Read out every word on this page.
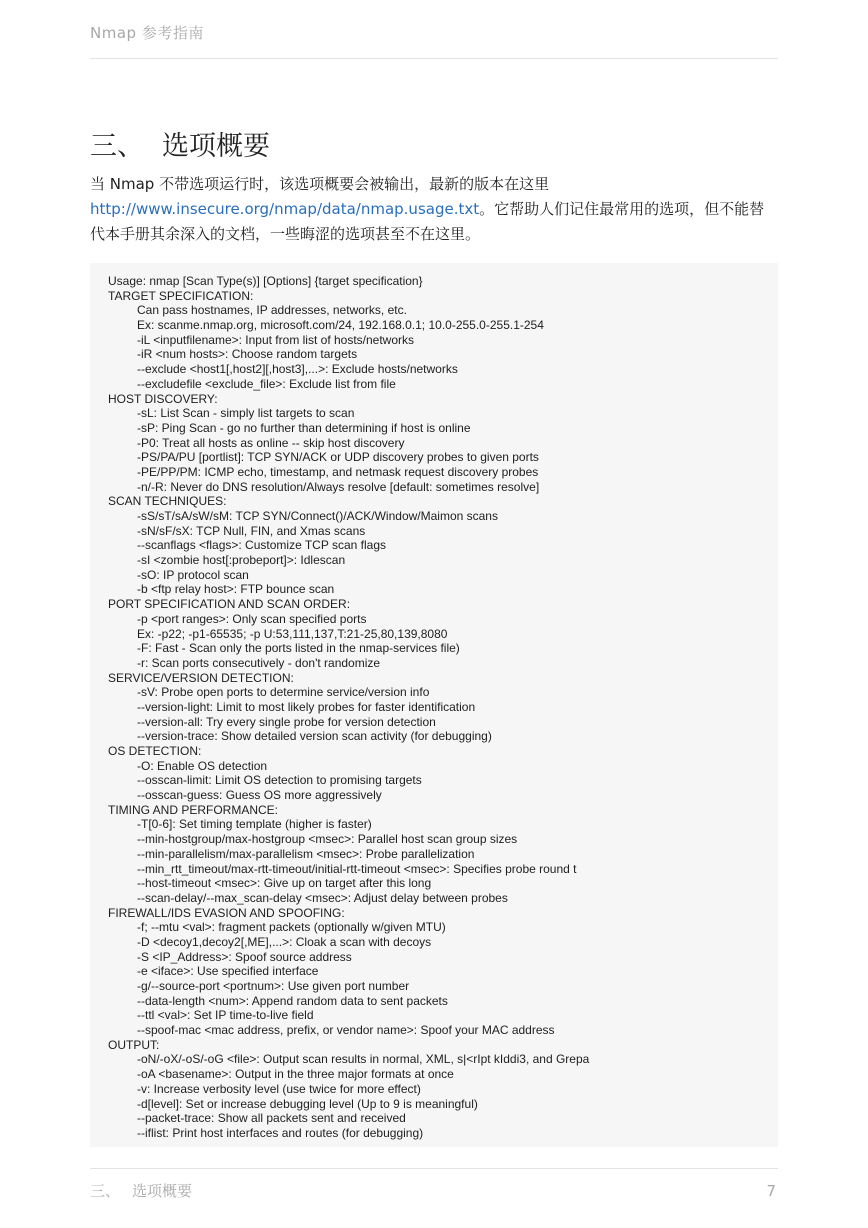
Nmap 参考指南
三、 选项概要

当 Nmap 不带选项运行时，该选项概要会被输出，最新的版本在这里 http://www.insecure.org/nmap/data/nmap.usage.txt。它帮助人们记住最常用的选项，但不能替代本手册其余深入的文档，一些晦涩的选项甚至不在这里。

Usage: nmap [Scan Type(s)] [Options] {target specification}
TARGET SPECIFICATION:
Can pass hostnames, IP addresses, networks, etc.
Ex: scanme.nmap.org, microsoft.com/24, 192.168.0.1; 10.0-255.0-255.1-254
-iL <inputfilename>: Input from list of hosts/networks
-iR <num hosts>: Choose random targets
--exclude <host1[,host2][,host3],...>: Exclude hosts/networks
--excludefile <exclude_file>: Exclude list from file
HOST DISCOVERY:
-sL: List Scan - simply list targets to scan
-sP: Ping Scan - go no further than determining if host is online
-P0: Treat all hosts as online -- skip host discovery
-PS/PA/PU [portlist]: TCP SYN/ACK or UDP discovery probes to given ports
-PE/PP/PM: ICMP echo, timestamp, and netmask request discovery probes
-n/-R: Never do DNS resolution/Always resolve [default: sometimes resolve]
SCAN TECHNIQUES:
-sS/sT/sA/sW/sM: TCP SYN/Connect()/ACK/Window/Maimon scans
-sN/sF/sX: TCP Null, FIN, and Xmas scans
--scanflags <flags>: Customize TCP scan flags
-sI <zombie host[:probeport]>: Idlescan
-sO: IP protocol scan
-b <ftp relay host>: FTP bounce scan
PORT SPECIFICATION AND SCAN ORDER:
-p <port ranges>: Only scan specified ports
Ex: -p22; -p1-65535; -p U:53,111,137,T:21-25,80,139,8080
-F: Fast - Scan only the ports listed in the nmap-services file)
-r: Scan ports consecutively - don't randomize
SERVICE/VERSION DETECTION:
-sV: Probe open ports to determine service/version info
--version-light: Limit to most likely probes for faster identification
--version-all: Try every single probe for version detection
--version-trace: Show detailed version scan activity (for debugging)
OS DETECTION:
-O: Enable OS detection
--osscan-limit: Limit OS detection to promising targets
--osscan-guess: Guess OS more aggressively
TIMING AND PERFORMANCE:
-T[0-6]: Set timing template (higher is faster)
--min-hostgroup/max-hostgroup <msec>: Parallel host scan group sizes
--min-parallelism/max-parallelism <msec>: Probe parallelization
--min_rtt_timeout/max-rtt-timeout/initial-rtt-timeout <msec>: Specifies probe round t
--host-timeout <msec>: Give up on target after this long
--scan-delay/--max_scan-delay <msec>: Adjust delay between probes
FIREWALL/IDS EVASION AND SPOOFING:
-f; --mtu <val>: fragment packets (optionally w/given MTU)
-D <decoy1,decoy2[,ME],...>: Cloak a scan with decoys
-S <IP_Address>: Spoof source address
-e <iface>: Use specified interface
-g/--source-port <portnum>: Use given port number
--data-length <num>: Append random data to sent packets
--ttl <val>: Set IP time-to-live field
--spoof-mac <mac address, prefix, or vendor name>: Spoof your MAC address
OUTPUT:
-oN/-oX/-oS/-oG <file>: Output scan results in normal, XML, s|<rIpt kIddi3, and Grepa
-oA <basename>: Output in the three major formats at once
-v: Increase verbosity level (use twice for more effect)
-d[level]: Set or increase debugging level (Up to 9 is meaningful)
--packet-trace: Show all packets sent and received
--iflist: Print host interfaces and routes (for debugging)
三、 选项概要	7
